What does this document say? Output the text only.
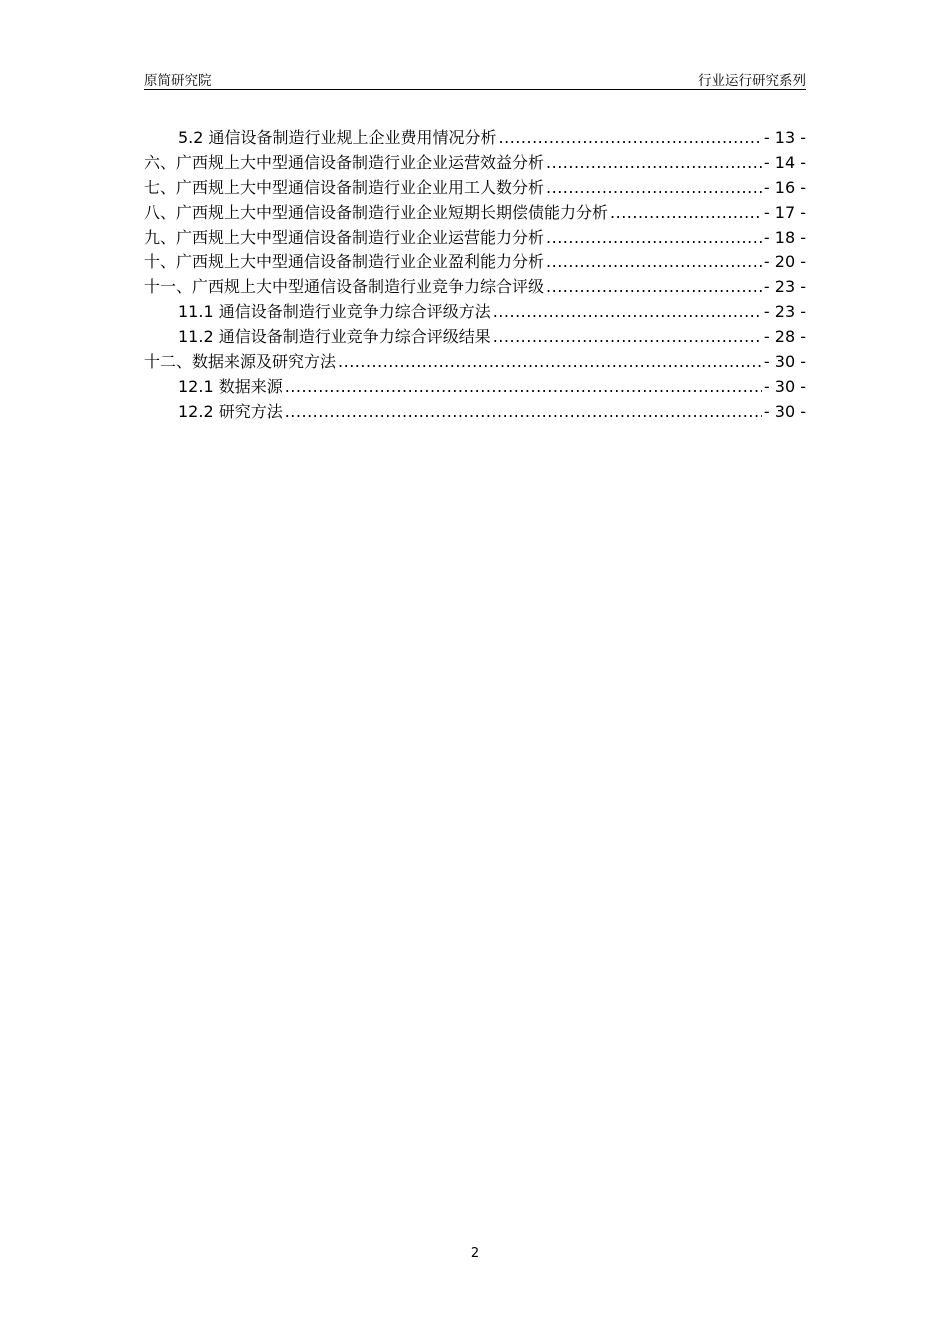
原简研究院	行业运行研究系列
5.2 通信设备制造行业规上企业费用情况分析 .....	- 13 -
六、广西规上大中型通信设备制造行业企业运营效益分析 .....	- 14 -
七、广西规上大中型通信设备制造行业企业用工人数分析 .....	- 16 -
八、广西规上大中型通信设备制造行业企业短期长期偿债能力分析 .....	- 17 -
九、广西规上大中型通信设备制造行业企业运营能力分析 .....	- 18 -
十、广西规上大中型通信设备制造行业企业盈利能力分析 .....	- 20 -
十一、广西规上大中型通信设备制造行业竞争力综合评级 .....	- 23 -
11.1 通信设备制造行业竞争力综合评级方法 .....	- 23 -
11.2 通信设备制造行业竞争力综合评级结果 .....	- 28 -
十二、数据来源及研究方法 .....	- 30 -
12.1 数据来源 .....	- 30 -
12.2 研究方法 .....	- 30 -
2
